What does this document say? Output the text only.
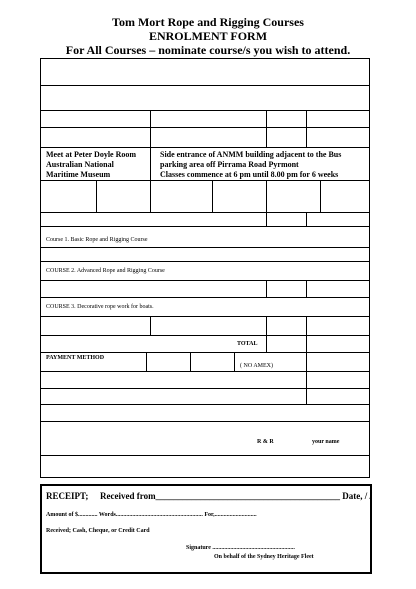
Tom Mort Rope and Rigging Courses
ENROLMENT FORM
For All Courses – nominate course/s you wish to attend.
Meet at Peter Doyle Room
Australian National
Maritime Museum
Side entrance of ANMM building adjacent to the Bus
parking area off Pirrama Road Pyrmont
Classes commence at 6 pm until 8.00 pm for 6 weeks
Course 1. Basic Rope and Rigging Course
COURSE 2. Advanced Rope and Rigging Course
COURSE 3. Decorative rope work for boats.
TOTAL
PAYMENT METHOD
( NO AMEX)
R & R	your name
RECEIPT; Received from_________________________________________ Date, / /
Amount of $............. Words.......................................................... For,............................
Received; Cash, Cheque, or Credit Card
Signature .......................................................
On behalf of the Sydney Heritage Fleet
